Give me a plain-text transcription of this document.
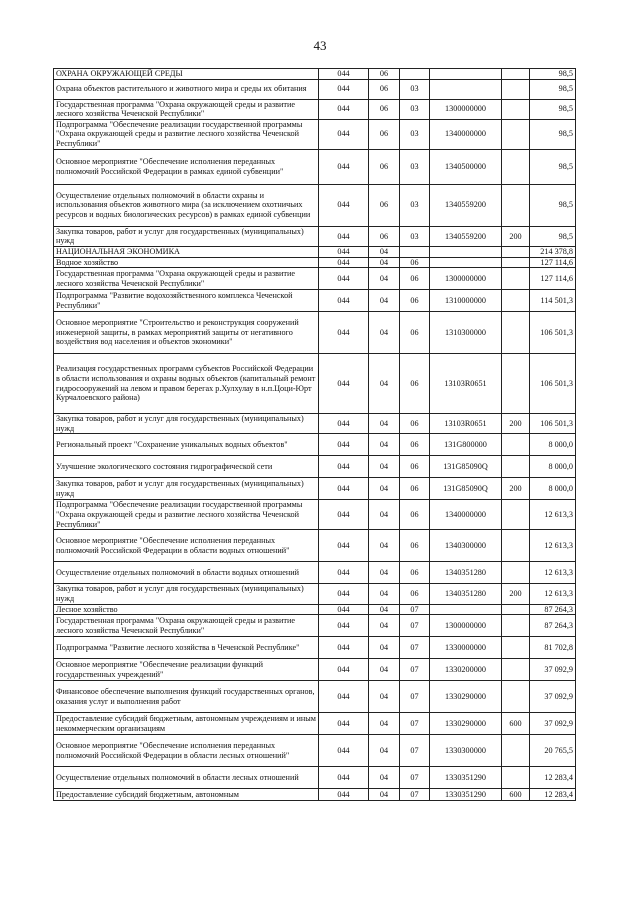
43
ОХРАНА ОКРУЖАЮЩЕЙ СРЕДЫ	044	06				98,5
Охрана объектов растительного и животного мира и среды их обитания	044	06	03			98,5
Государственная программа "Охрана окружающей среды и развитие лесного хозяйства Чеченской Республики"	044	06	03	1300000000		98,5
Подпрограмма "Обеспечение реализации государственной программы "Охрана окружающей среды и развитие лесного хозяйства Чеченской Республики"	044	06	03	1340000000		98,5
Основное мероприятие "Обеспечение исполнения переданных полномочий Российской Федерации в рамках единой субвенции"	044	06	03	1340500000		98,5
Осуществление отдельных полномочий в области охраны и использования объектов животного мира (за исключением охотничьих ресурсов и водных биологических ресурсов) в рамках единой субвенции	044	06	03	1340559200		98,5
Закупка товаров, работ и услуг для государственных (муниципальных) нужд	044	06	03	1340559200	200	98,5
НАЦИОНАЛЬНАЯ ЭКОНОМИКА	044	04				214 378,8
Водное хозяйство	044	04	06			127 114,6
Государственная программа "Охрана окружающей среды и развитие лесного хозяйства Чеченской Республики"	044	04	06	1300000000		127 114,6
Подпрограмма "Развитие водохозяйственного комплекса Чеченской Республики"	044	04	06	1310000000		114 501,3
Основное мероприятие "Строительство и реконструкция сооружений инженерной защиты, в рамках мероприятий защиты от негативного воздействия вод населения и объектов экономики"	044	04	06	1310300000		106 501,3
Реализация государственных программ субъектов Российской Федерации в области использования и охраны водных объектов (капитальный ремонт гидросооружений на левом и правом берегах р.Хулхулау в н.п.Цоци-Юрт Курчалоевского района)	044	04	06	13103R0651		106 501,3
Закупка товаров, работ и услуг для государственных (муниципальных) нужд	044	04	06	13103R0651	200	106 501,3
Региональный проект "Сохранение уникальных водных объектов"	044	04	06	131G800000		8 000,0
Улучшение экологического состояния гидрографической сети	044	04	06	131G85090Q		8 000,0
Закупка товаров, работ и услуг для государственных (муниципальных) нужд	044	04	06	131G85090Q	200	8 000,0
Подпрограмма "Обеспечение реализации государственной программы "Охрана окружающей среды и развитие лесного хозяйства Чеченской Республики"	044	04	06	1340000000		12 613,3
Основное мероприятие "Обеспечение исполнения переданных полномочий Российской Федерации в области водных отношений"	044	04	06	1340300000		12 613,3
Осуществление отдельных полномочий в области водных отношений	044	04	06	1340351280		12 613,3
Закупка товаров, работ и услуг для государственных (муниципальных) нужд	044	04	06	1340351280	200	12 613,3
Лесное хозяйство	044	04	07			87 264,3
Государственная программа "Охрана окружающей среды и развитие лесного хозяйства Чеченской Республики"	044	04	07	1300000000		87 264,3
Подпрограмма "Развитие лесного хозяйства в Чеченской Республике"	044	04	07	1330000000		81 702,8
Основное мероприятие "Обеспечение реализации функций государственных учреждений"	044	04	07	1330200000		37 092,9
Финансовое обеспечение выполнения функций государственных органов, оказания услуг и выполнения работ	044	04	07	1330290000		37 092,9
Предоставление субсидий бюджетным, автономным учреждениям и иным некоммерческим организациям	044	04	07	1330290000	600	37 092,9
Основное мероприятие "Обеспечение исполнения переданных полномочий Российской Федерации в области лесных отношений"	044	04	07	1330300000		20 765,5
Осуществление отдельных полномочий в области лесных отношений	044	04	07	1330351290		12 283,4
Предоставление субсидий бюджетным, автономным	044	04	07	1330351290	600	12 283,4
